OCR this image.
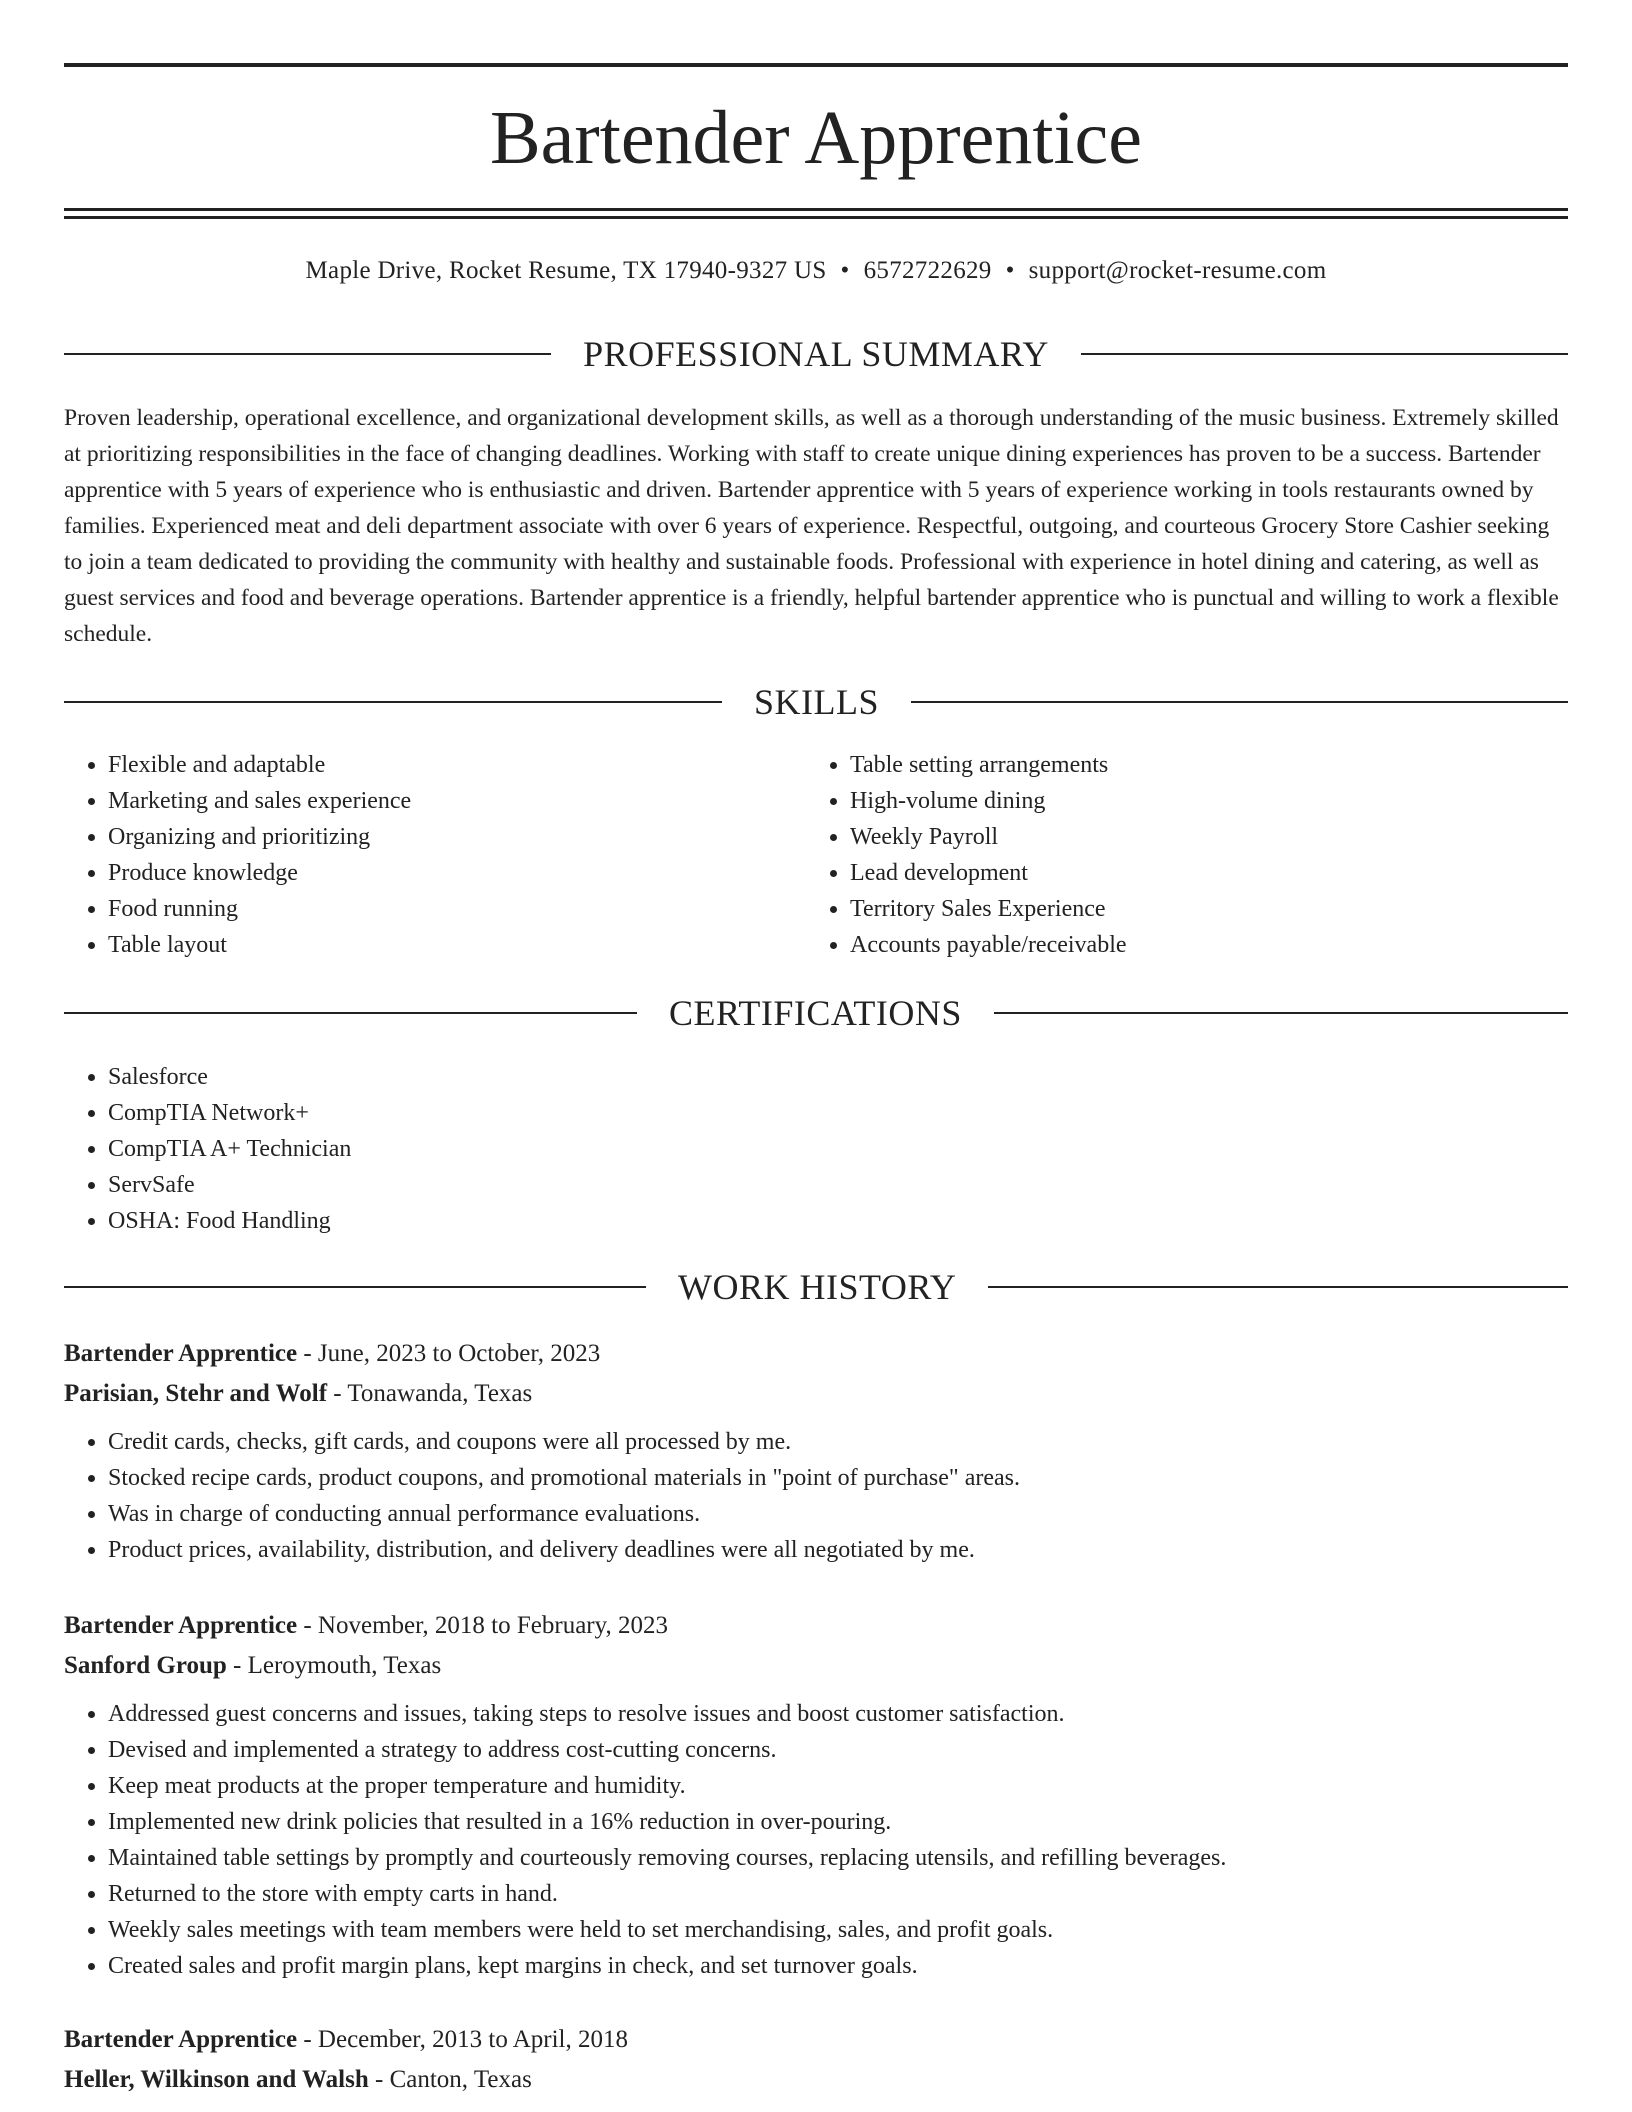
Bartender Apprentice
Maple Drive, Rocket Resume, TX 17940-9327 US • 6572722629 • support@rocket-resume.com
PROFESSIONAL SUMMARY

Proven leadership, operational excellence, and organizational development skills, as well as a thorough understanding of the music business. Extremely skilled at prioritizing responsibilities in the face of changing deadlines. Working with staff to create unique dining experiences has proven to be a success. Bartender apprentice with 5 years of experience who is enthusiastic and driven. Bartender apprentice with 5 years of experience working in tools restaurants owned by families. Experienced meat and deli department associate with over 6 years of experience. Respectful, outgoing, and courteous Grocery Store Cashier seeking to join a team dedicated to providing the community with healthy and sustainable foods. Professional with experience in hotel dining and catering, as well as guest services and food and beverage operations. Bartender apprentice is a friendly, helpful bartender apprentice who is punctual and willing to work a flexible schedule.

SKILLS
• Flexible and adaptable
• Marketing and sales experience
• Organizing and prioritizing
• Produce knowledge
• Food running
• Table layout
• Table setting arrangements
• High-volume dining
• Weekly Payroll
• Lead development
• Territory Sales Experience
• Accounts payable/receivable
CERTIFICATIONS
• Salesforce
• CompTIA Network+
• CompTIA A+ Technician
• ServSafe
• OSHA: Food Handling
WORK HISTORY

Bartender Apprentice - June, 2023 to October, 2023

Parisian, Stehr and Wolf - Tonawanda, Texas

• Credit cards, checks, gift cards, and coupons were all processed by me.
• Stocked recipe cards, product coupons, and promotional materials in "point of purchase" areas.
• Was in charge of conducting annual performance evaluations.
• Product prices, availability, distribution, and delivery deadlines were all negotiated by me.

Bartender Apprentice - November, 2018 to February, 2023

Sanford Group - Leroymouth, Texas

• Addressed guest concerns and issues, taking steps to resolve issues and boost customer satisfaction.
• Devised and implemented a strategy to address cost-cutting concerns.
• Keep meat products at the proper temperature and humidity.
• Implemented new drink policies that resulted in a 16% reduction in over-pouring.
• Maintained table settings by promptly and courteously removing courses, replacing utensils, and refilling beverages.
• Returned to the store with empty carts in hand.
• Weekly sales meetings with team members were held to set merchandising, sales, and profit goals.
• Created sales and profit margin plans, kept margins in check, and set turnover goals.

Bartender Apprentice - December, 2013 to April, 2018

Heller, Wilkinson and Walsh - Canton, Texas
